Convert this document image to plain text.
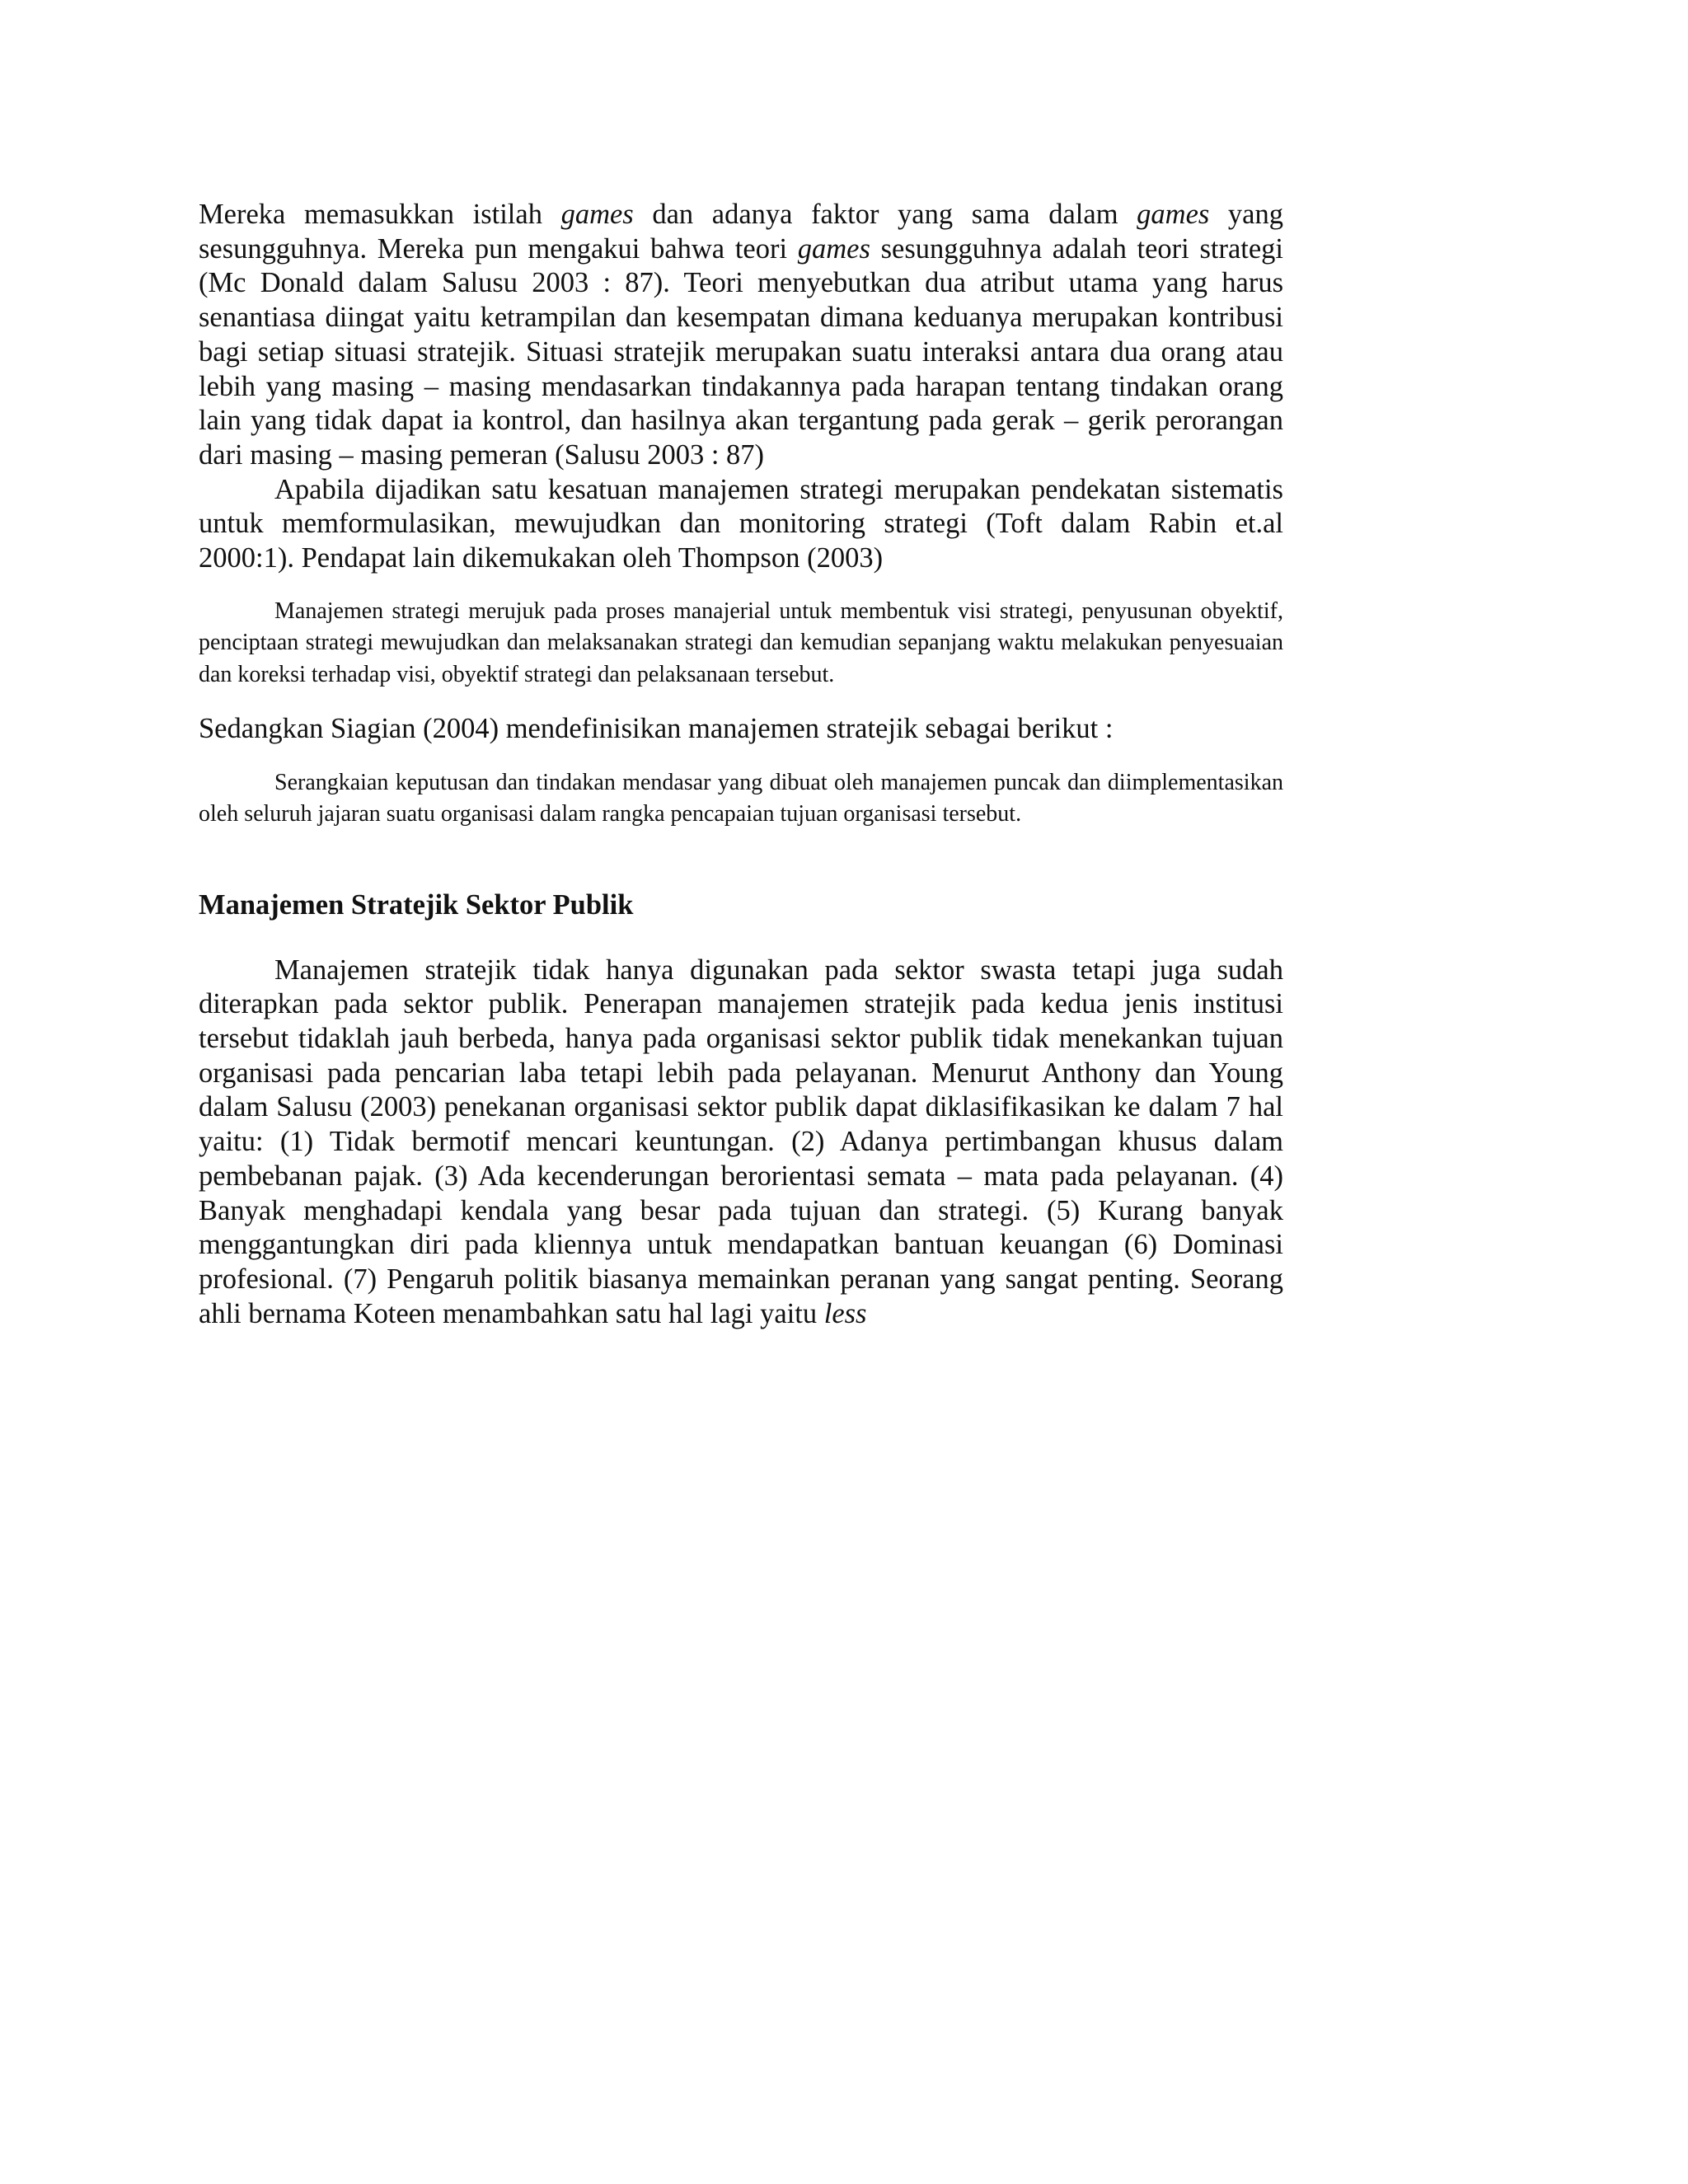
Mereka memasukkan istilah games dan adanya faktor yang sama dalam games yang sesungguhnya. Mereka pun mengakui bahwa teori games sesungguhnya adalah teori strategi (Mc Donald dalam Salusu 2003 : 87). Teori menyebutkan dua atribut utama yang harus senantiasa diingat yaitu ketrampilan dan kesempatan dimana keduanya merupakan kontribusi bagi setiap situasi stratejik. Situasi stratejik merupakan suatu interaksi antara dua orang atau lebih yang masing – masing mendasarkan tindakannya pada harapan tentang tindakan orang lain yang tidak dapat ia kontrol, dan hasilnya akan tergantung pada gerak – gerik perorangan dari masing – masing pemeran (Salusu 2003 : 87)

Apabila dijadikan satu kesatuan manajemen strategi merupakan pendekatan sistematis untuk memformulasikan, mewujudkan dan monitoring strategi (Toft dalam Rabin et.al 2000:1). Pendapat lain dikemukakan oleh Thompson (2003)

Manajemen strategi merujuk pada proses manajerial untuk membentuk visi strategi, penyusunan obyektif, penciptaan strategi mewujudkan dan melaksanakan strategi dan kemudian sepanjang waktu melakukan penyesuaian dan koreksi terhadap visi, obyektif strategi dan pelaksanaan tersebut.

Sedangkan Siagian (2004) mendefinisikan manajemen stratejik sebagai berikut :

Serangkaian keputusan dan tindakan mendasar yang dibuat oleh manajemen puncak dan diimplementasikan oleh seluruh jajaran suatu organisasi dalam rangka pencapaian tujuan organisasi tersebut.

Manajemen Stratejik Sektor Publik

Manajemen stratejik tidak hanya digunakan pada sektor swasta tetapi juga sudah diterapkan pada sektor publik. Penerapan manajemen stratejik pada kedua jenis institusi tersebut tidaklah jauh berbeda, hanya pada organisasi sektor publik tidak menekankan tujuan organisasi pada pencarian laba tetapi lebih pada pelayanan. Menurut Anthony dan Young dalam Salusu (2003) penekanan organisasi sektor publik dapat diklasifikasikan ke dalam 7 hal yaitu: (1) Tidak bermotif mencari keuntungan. (2) Adanya pertimbangan khusus dalam pembebanan pajak. (3) Ada kecenderungan berorientasi semata – mata pada pelayanan. (4) Banyak menghadapi kendala yang besar pada tujuan dan strategi. (5) Kurang banyak menggantungkan diri pada kliennya untuk mendapatkan bantuan keuangan (6) Dominasi profesional. (7) Pengaruh politik biasanya memainkan peranan yang sangat penting. Seorang ahli bernama Koteen menambahkan satu hal lagi yaitu less
